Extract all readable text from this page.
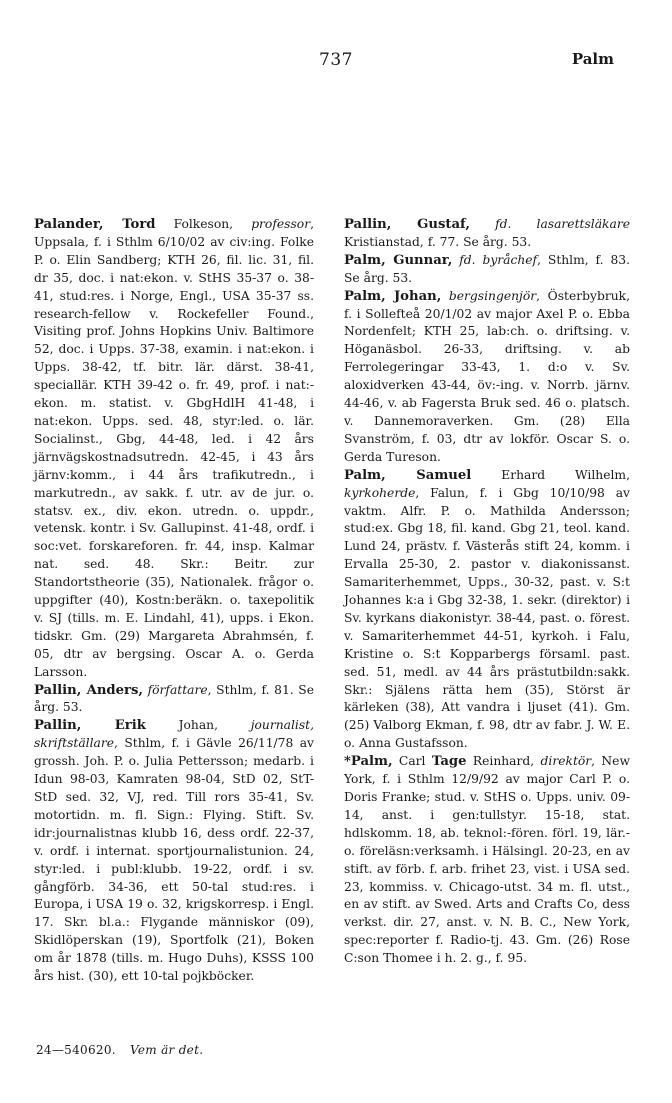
737	Palm

Palander, Tord Folkeson, professor, Uppsala, f. i Sthlm 6/10/02 av civ:ing. Folke P. o. Elin Sandberg; KTH 26, fil. lic. 31, fil. dr 35, doc. i nat:ekon. v. StHS 35-37 o. 38-41, stud:res. i Norge, Engl., USA 35-37 ss. research-fellow v. Rockefeller Found., Visiting prof. Johns Hopkins Univ. Baltimore 52, doc. i Upps. 37-38, examin. i nat:ekon. i Upps. 38-42, tf. bitr. lär. därst. 38-41, speciallär. KTH 39-42 o. fr. 49, prof. i nat:-ekon. m. statist. v. GbgHdlH 41-48, i nat:ekon. Upps. sed. 48, styr:led. o. lär. Socialinst., Gbg, 44-48, led. i 42 års järnvägskostnadsutredn. 42-45, i 43 års järnv:komm., i 44 års trafikutredn., i markutredn., av sakk. f. utr. av de jur. o. statsv. ex., div. ekon. utredn. o. uppdr., vetensk. kontr. i Sv. Gallupinst. 41-48, ordf. i soc:vet. forskareforen. fr. 44, insp. Kalmar nat. sed. 48. Skr.: Beitr. zur Standortstheorie (35), Nationalek. frågor o. uppgifter (40), Kostn:beräkn. o. taxepolitik v. SJ (tills. m. E. Lindahl, 41), upps. i Ekon. tidskr. Gm. (29) Margareta Abrahmsén, f. 05, dtr av bergsing. Oscar A. o. Gerda Larsson.

Pallin, Anders, författare, Sthlm, f. 81. Se årg. 53.

Pallin, Erik Johan, journalist, skriftställare, Sthlm, f. i Gävle 26/11/78 av grossh. Joh. P. o. Julia Pettersson; medarb. i Idun 98-03, Kamraten 98-04, StD 02, StT-StD sed. 32, VJ, red. Till rors 35-41, Sv. motortidn. m. fl. Sign.: Flying. Stift. Sv. idr:journalistnas klubb 16, dess ordf. 22-37, v. ordf. i internat. sportjournalistunion. 24, styr:led. i publ:klubb. 19-22, ordf. i sv. gångförb. 34-36, ett 50-tal stud:res. i Europa, i USA 19 o. 32, krigskorresp. i Engl. 17. Skr. bl.a.: Flygande människor (09), Skidlöperskan (19), Sportfolk (21), Boken om år 1878 (tills. m. Hugo Duhs), KSSS 100 års hist. (30), ett 10-tal pojkböcker.

Pallin, Gustaf, fd. lasarettsläkare Kristianstad, f. 77. Se årg. 53.

Palm, Gunnar, fd. byråchef, Sthlm, f. 83. Se årg. 53.

Palm, Johan, bergsingenjör, Österbybruk, f. i Sollefteå 20/1/02 av major Axel P. o. Ebba Nordenfelt; KTH 25, lab:ch. o. driftsing. v. Höganäsbol. 26-33, driftsing. v. ab Ferrolegeringar 33-43, 1. d:o v. Sv. aloxidverken 43-44, öv:-ing. v. Norrb. järnv. 44-46, v. ab Fagersta Bruk sed. 46 o. platsch. v. Dannemoraverken. Gm. (28) Ella Svanström, f. 03, dtr av lokför. Oscar S. o. Gerda Tureson.

Palm, Samuel Erhard Wilhelm, kyrkoherde, Falun, f. i Gbg 10/10/98 av vaktm. Alfr. P. o. Mathilda Andersson; stud:ex. Gbg 18, fil. kand. Gbg 21, teol. kand. Lund 24, prästv. f. Västerås stift 24, komm. i Ervalla 25-30, 2. pastor v. diakonissanst. Samariterhemmet, Upps., 30-32, past. v. S:t Johannes k:a i Gbg 32-38, 1. sekr. (direktor) i Sv. kyrkans diakonistyr. 38-44, past. o. förest. v. Samariterhemmet 44-51, kyrkoh. i Falu, Kristine o. S:t Kopparbergs församl. past. sed. 51, medl. av 44 års prästutbildn:sakk. Skr.: Själens rätta hem (35), Störst är kärleken (38), Att vandra i ljuset (41). Gm. (25) Valborg Ekman, f. 98, dtr av fabr. J. W. E. o. Anna Gustafsson.

*Palm, Carl Tage Reinhard, direktör, New York, f. i Sthlm 12/9/92 av major Carl P. o. Doris Franke; stud. v. StHS o. Upps. univ. 09-14, anst. i gen:tullstyr. 15-18, stat. hdlskomm. 18, ab. teknol:-fören. förl. 19, lär.- o. föreläsn:verksamh. i Hälsingl. 20-23, en av stift. av förb. f. arb. frihet 23, vist. i USA sed. 23, kommiss. v. Chicago-utst. 34 m. fl. utst., en av stift. av Swed. Arts and Crafts Co, dess verkst. dir. 27, anst. v. N. B. C., New York, spec:reporter f. Radio-tj. 43. Gm. (26) Rose C:son Thomee i h. 2. g., f. 95.

24—540620. Vem är det.
